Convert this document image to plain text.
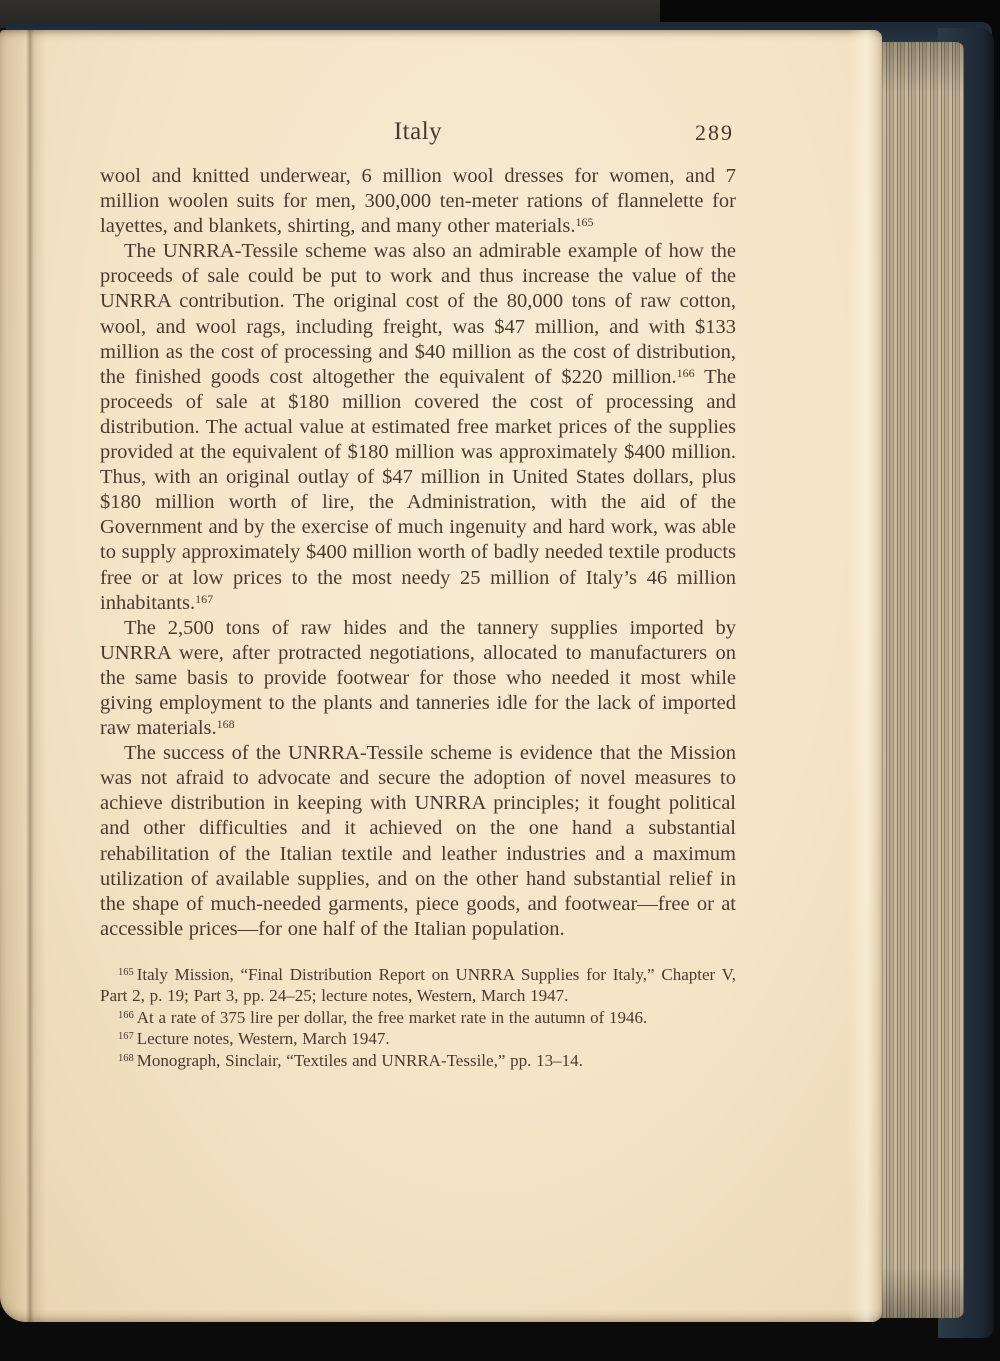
Italy	289

wool and knitted underwear, 6 million wool dresses for women, and 7 million woolen suits for men, 300,000 ten-meter rations of flannelette for layettes, and blankets, shirting, and many other materials.$^{165}$

The UNRRA-Tessile scheme was also an admirable example of how the proceeds of sale could be put to work and thus increase the value of the UNRRA contribution. The original cost of the 80,000 tons of raw cotton, wool, and wool rags, including freight, was $47 million, and with $133 million as the cost of processing and $40 million as the cost of distribution, the finished goods cost altogether the equivalent of $220 million.$^{166}$ The proceeds of sale at $180 million covered the cost of processing and distribution. The actual value at estimated free market prices of the supplies provided at the equivalent of $180 million was approximately $400 million. Thus, with an original outlay of $47 million in United States dollars, plus $180 million worth of lire, the Administration, with the aid of the Government and by the exercise of much ingenuity and hard work, was able to supply approximately $400 million worth of badly needed textile products free or at low prices to the most needy 25 million of Italy’s 46 million inhabitants.$^{167}$

The 2,500 tons of raw hides and the tannery supplies imported by UNRRA were, after protracted negotiations, allocated to manufacturers on the same basis to provide footwear for those who needed it most while giving employment to the plants and tanneries idle for the lack of imported raw materials.$^{168}$

The success of the UNRRA-Tessile scheme is evidence that the Mission was not afraid to advocate and secure the adoption of novel measures to achieve distribution in keeping with UNRRA principles; it fought political and other difficulties and it achieved on the one hand a substantial rehabilitation of the Italian textile and leather industries and a maximum utilization of available supplies, and on the other hand substantial relief in the shape of much-needed garments, piece goods, and footwear—free or at accessible prices—for one half of the Italian population.

$^{165}$ Italy Mission, “Final Distribution Report on UNRRA Supplies for Italy,” Chapter V, Part 2, p. 19; Part 3, pp. 24–25; lecture notes, Western, March 1947.

$^{166}$ At a rate of 375 lire per dollar, the free market rate in the autumn of 1946.

$^{167}$ Lecture notes, Western, March 1947.

$^{168}$ Monograph, Sinclair, “Textiles and UNRRA-Tessile,” pp. 13–14.
